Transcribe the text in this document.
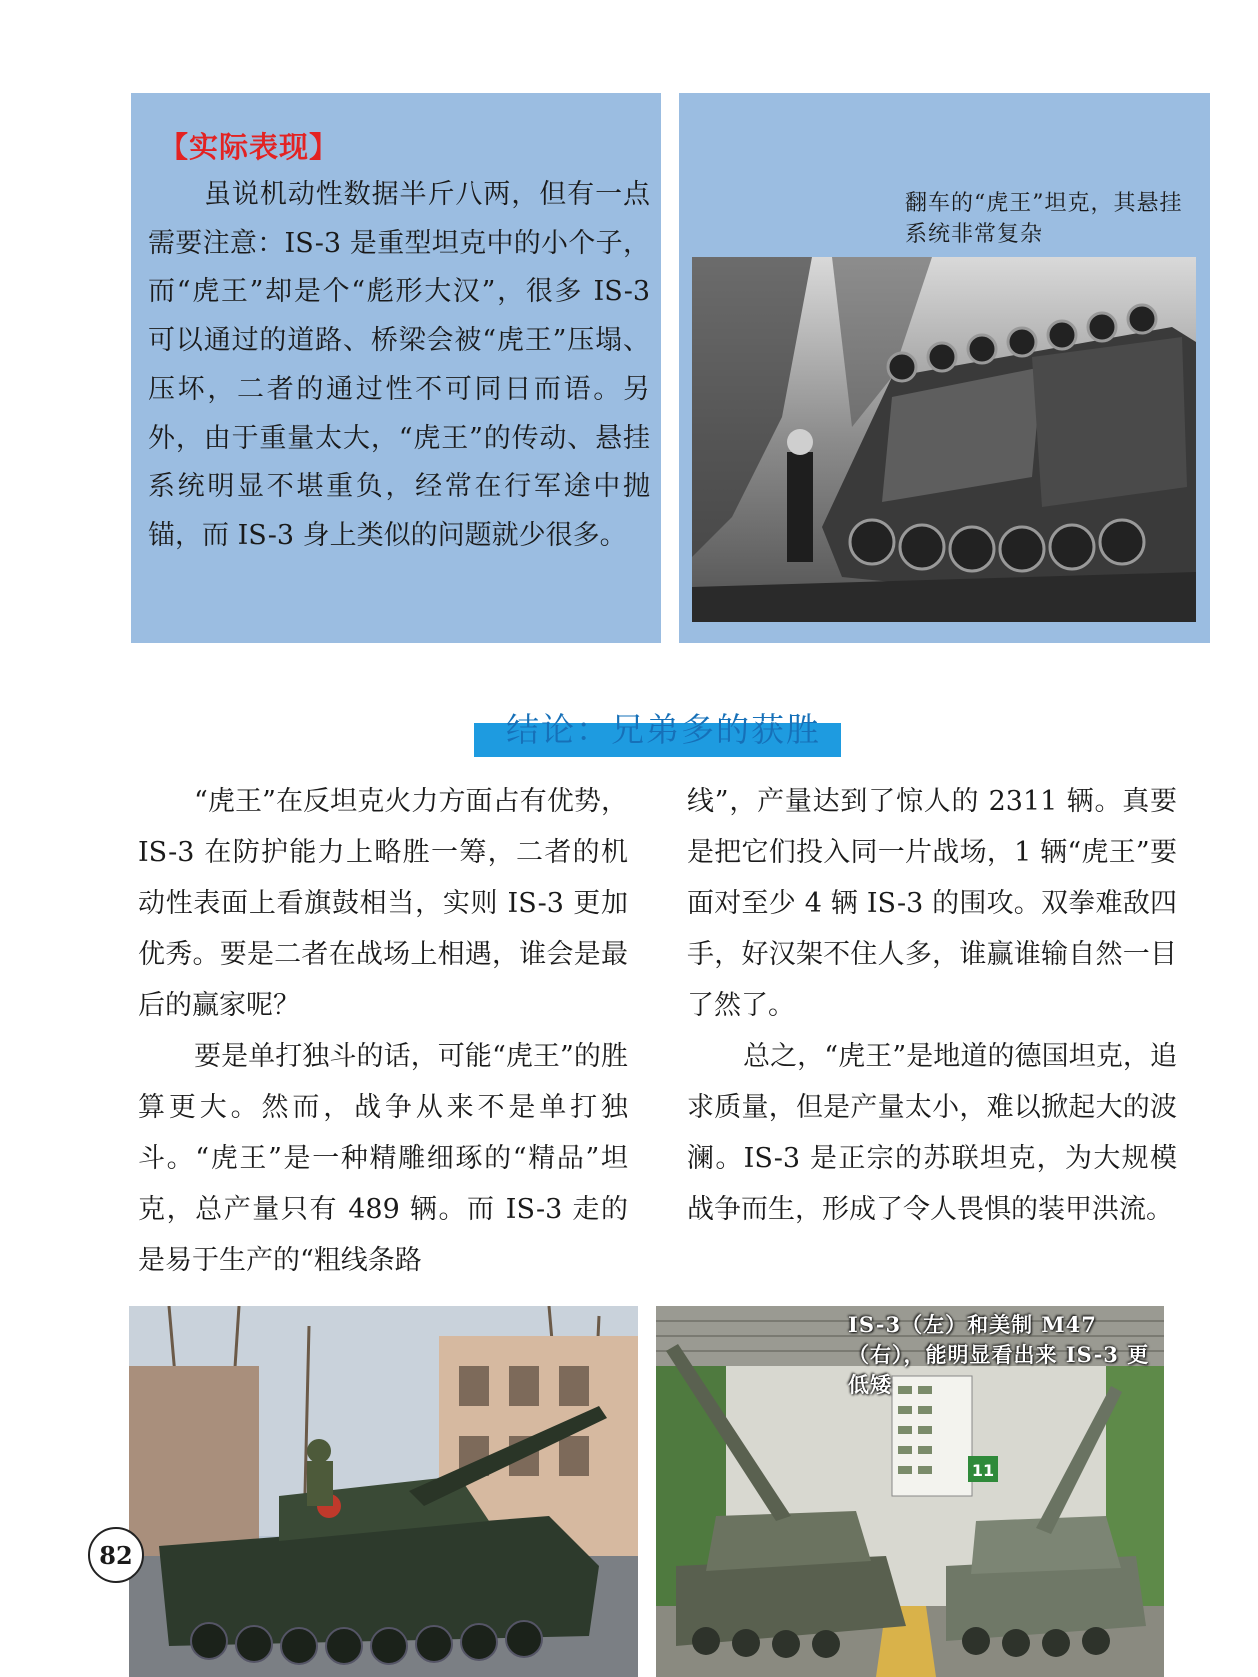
【实际表现】

虽说机动性数据半斤八两，但有一点需要注意：IS-3 是重型坦克中的小个子，而“虎王”却是个“彪形大汉”，很多 IS-3 可以通过的道路、桥梁会被“虎王”压塌、压坏，二者的通过性不可同日而语。另外，由于重量太大，“虎王”的传动、悬挂系统明显不堪重负，经常在行军途中抛锚，而 IS-3 身上类似的问题就少很多。

翻车的“虎王”坦克，其悬挂系统非常复杂
结论：兄弟多的获胜

“虎王”在反坦克火力方面占有优势，IS-3 在防护能力上略胜一筹，二者的机动性表面上看旗鼓相当，实则 IS-3 更加优秀。要是二者在战场上相遇，谁会是最后的赢家呢？

要是单打独斗的话，可能“虎王”的胜算更大。然而，战争从来不是单打独斗。“虎王”是一种精雕细琢的“精品”坦克，总产量只有 489 辆。而 IS-3 走的是易于生产的“粗线条路

线”，产量达到了惊人的 2311 辆。真要是把它们投入同一片战场，1 辆“虎王”要面对至少 4 辆 IS-3 的围攻。双拳难敌四手，好汉架不住人多，谁赢谁输自然一目了然了。

总之，“虎王”是地道的德国坦克，追求质量，但是产量太小，难以掀起大的波澜。IS-3 是正宗的苏联坦克，为大规模战争而生，形成了令人畏惧的装甲洪流。

11
IS-3（左）和美制 M47（右），能明显看出来 IS-3 更低矮
82
